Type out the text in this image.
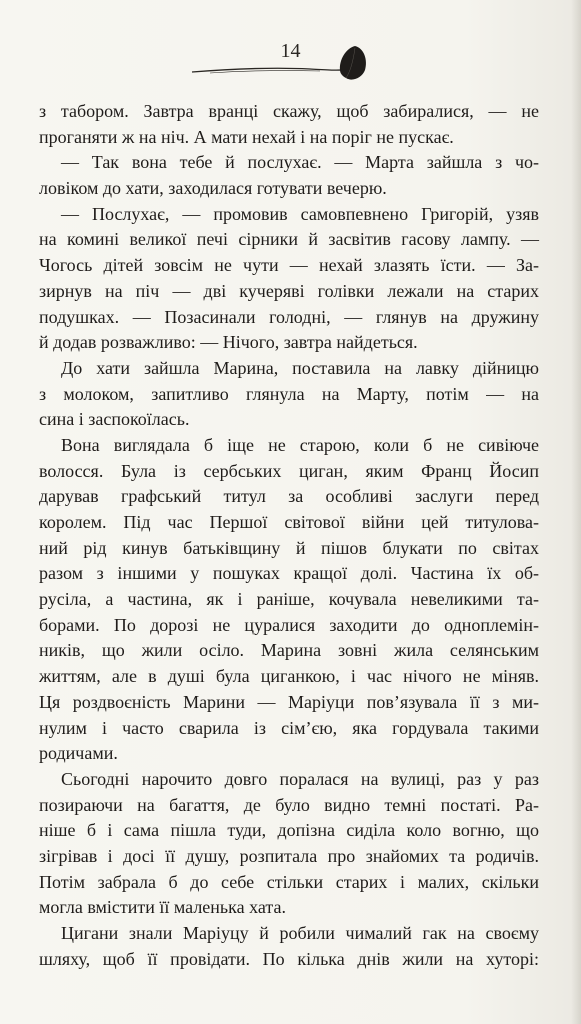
14
з табором. Завтра вранці скажу, щоб забиралися, — не
проганяти ж на ніч. А мати нехай і на поріг не пускає.
— Так вона тебе й послухає. — Марта зайшла з чо-
ловіком до хати, заходилася готувати вечерю.
— Послухає, — промовив самовпевнено Григорій, узяв
на комині великої печі сірники й засвітив гасову лампу. —
Чогось дітей зовсім не чути — нехай злазять їсти. — За-
зирнув на піч — дві кучеряві голівки лежали на старих
подушках. — Позасинали голодні, — глянув на дружину
й додав розважливо: — Нічого, завтра найдеться.
До хати зайшла Марина, поставила на лавку дійницю
з молоком, запитливо глянула на Марту, потім — на
сина і заспокоїлась.
Вона виглядала б іще не старою, коли б не сивіюче
волосся. Була із сербських циган, яким Франц Йосип
дарував графський титул за особливі заслуги перед
королем. Під час Першої світової війни цей титулова-
ний рід кинув батьківщину й пішов блукати по світах
разом з іншими у пошуках кращої долі. Частина їх об-
русіла, а частина, як і раніше, кочувала невеликими та-
борами. По дорозі не цуралися заходити до одноплемін-
ників, що жили осіло. Марина зовні жила селянським
життям, але в душі була циганкою, і час нічого не міняв.
Ця роздвоєність Марини — Маріуци пов’язувала її з ми-
нулим і часто сварила із сім’єю, яка гордувала такими
родичами.
Сьогодні нарочито довго поралася на вулиці, раз у раз
позираючи на багаття, де було видно темні постаті. Ра-
ніше б і сама пішла туди, допізна сиділа коло вогню, що
зігрівав і досі її душу, розпитала про знайомих та родичів.
Потім забрала б до себе стільки старих і малих, скільки
могла вмістити її маленька хата.
Цигани знали Маріуцу й робили чималий гак на своєму
шляху, щоб її провідати. По кілька днів жили на хуторі:
